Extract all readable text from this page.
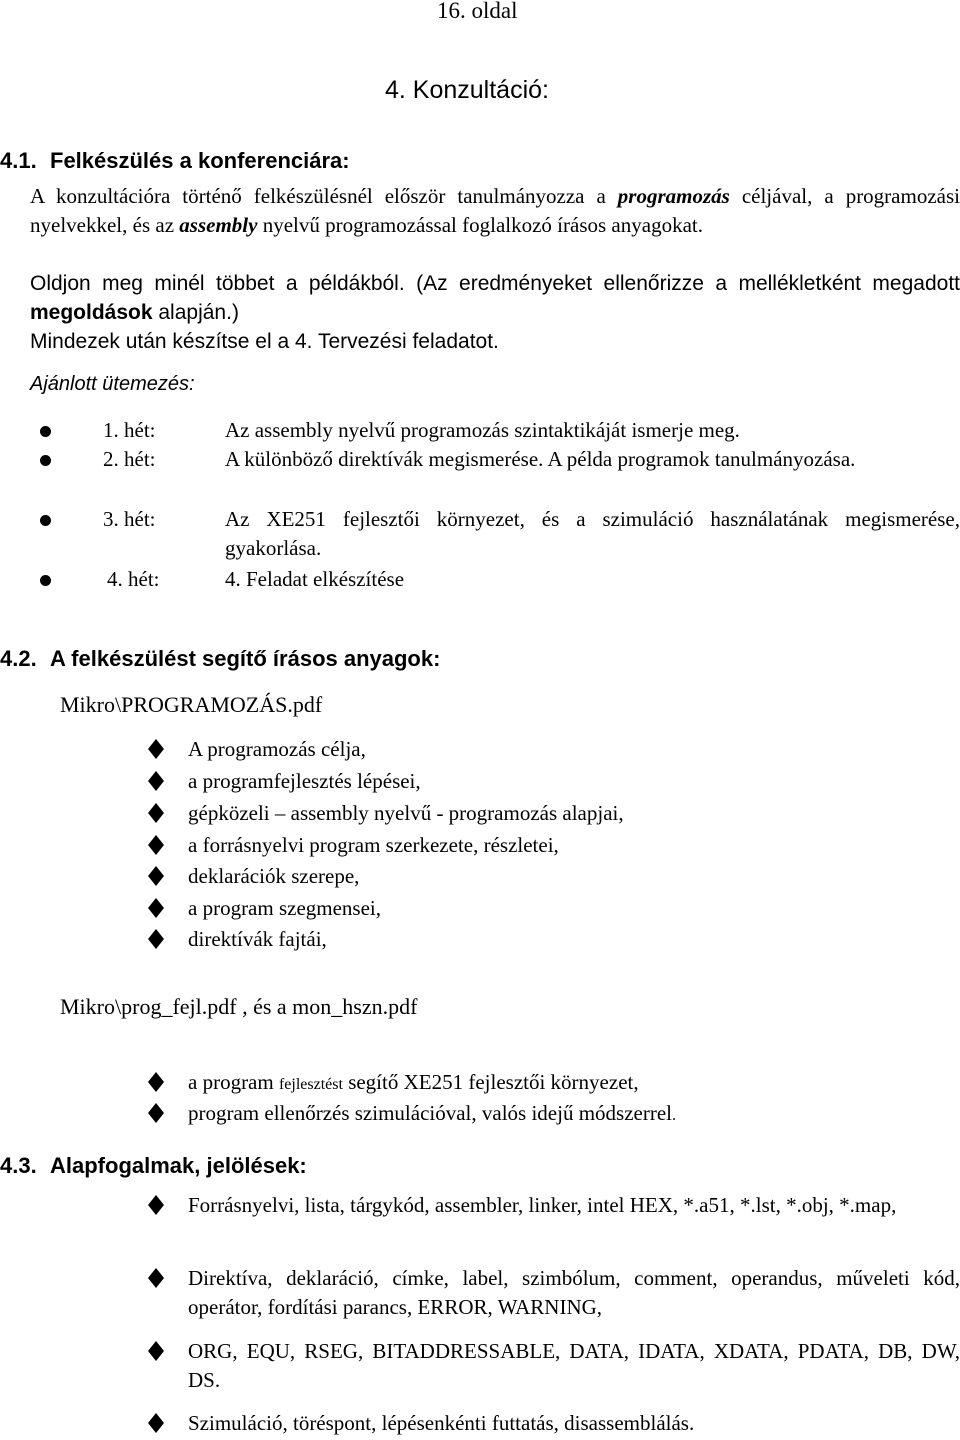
16. oldal
4. Konzultáció:
4.1. Felkészülés a konferenciára:
A konzultációra történő felkészülésnél először tanulmányozza a programozás céljával, a programozási nyelvekkel, és az assembly nyelvű programozással foglalkozó írásos anyagokat.
Oldjon meg minél többet a példákból. (Az eredményeket ellenőrizze a mellékletként megadott megoldások alapján.)
Mindezek után készítse el a 4. Tervezési feladatot.
Ajánlott ütemezés:
1. hét:	Az assembly nyelvű programozás szintaktikáját ismerje meg.
2. hét:	A különböző direktívák megismerése. A példa programok tanulmányozása.
3. hét:	Az XE251 fejlesztői környezet, és a szimuláció használatának megismerése, gyakorlása.
4. hét:	4. Feladat elkészítése
4.2. A felkészülést segítő írásos anyagok:
Mikro\PROGRAMOZÁS.pdf
A programozás célja,
a programfejlesztés lépései,
gépközeli – assembly nyelvű - programozás alapjai,
a forrásnyelvi program szerkezete, részletei,
deklarációk szerepe,
a program szegmensei,
direktívák fajtái,
Mikro\prog_fejl.pdf , és a mon_hszn.pdf
a program fejlesztést segítő XE251 fejlesztői környezet,
program ellenőrzés szimulációval, valós idejű módszerrel.
4.3. Alapfogalmak, jelölések:
Forrásnyelvi, lista, tárgykód, assembler, linker, intel HEX, *.a51, *.lst, *.obj, *.map,
Direktíva, deklaráció, címke, label, szimbólum, comment, operandus, műveleti kód, operátor, fordítási parancs, ERROR, WARNING,
ORG, EQU, RSEG, BITADDRESSABLE, DATA, IDATA, XDATA, PDATA, DB, DW, DS.
Szimuláció, töréspont, lépésenkénti futtatás, disassemblálás.
